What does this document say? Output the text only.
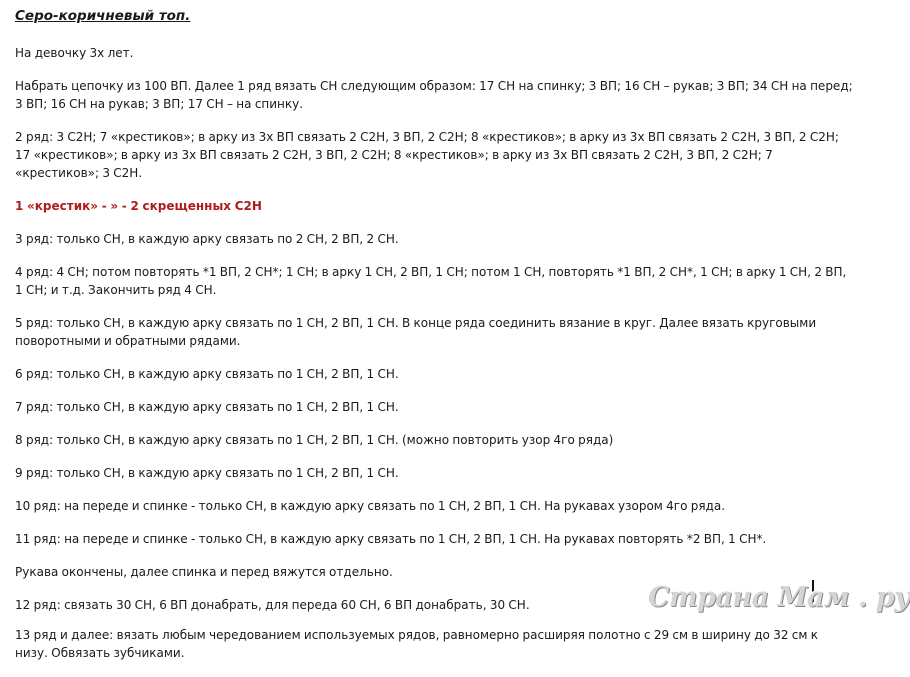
Серо-коричневый топ.
На девочку 3х лет.
Набрать цепочку из 100 ВП. Далее 1 ряд вязать СН следующим образом: 17 СН на спинку; 3 ВП; 16 СН – рукав; 3 ВП; 34 СН на перед; 3 ВП; 16 СН на рукав; 3 ВП; 17 СН – на спинку.
2 ряд: 3 С2Н; 7 «крестиков»; в арку из 3х ВП связать 2 С2Н, 3 ВП, 2 С2Н; 8 «крестиков»; в арку из 3х ВП связать 2 С2Н, 3 ВП, 2 С2Н; 17 «крестиков»; в арку из 3х ВП связать 2 С2Н, 3 ВП, 2 С2Н; 8 «крестиков»; в арку из 3х ВП связать 2 С2Н, 3 ВП, 2 С2Н; 7 «крестиков»; 3 С2Н.
1 «крестик» - » - 2 скрещенных С2Н
3 ряд: только СН, в каждую арку связать по 2 СН, 2 ВП, 2 СН.
4 ряд: 4 СН; потом повторять *1 ВП, 2 СН*; 1 СН; в арку 1 СН, 2 ВП, 1 СН; потом 1 СН, повторять *1 ВП, 2 СН*, 1 СН; в арку 1 СН, 2 ВП, 1 СН; и т.д. Закончить ряд 4 СН.
5 ряд: только СН, в каждую арку связать по 1 СН, 2 ВП, 1 СН. В конце ряда соединить вязание в круг. Далее вязать круговыми поворотными и обратными рядами.
6 ряд: только СН, в каждую арку связать по 1 СН, 2 ВП, 1 СН.
7 ряд: только СН, в каждую арку связать по 1 СН, 2 ВП, 1 СН.
8 ряд: только СН, в каждую арку связать по 1 СН, 2 ВП, 1 СН. (можно повторить узор 4го ряда)
9 ряд: только СН, в каждую арку связать по 1 СН, 2 ВП, 1 СН.
10 ряд: на переде и спинке - только СН, в каждую арку связать по 1 СН, 2 ВП, 1 СН. На рукавах узором 4го ряда.
11 ряд: на переде и спинке - только СН, в каждую арку связать по 1 СН, 2 ВП, 1 СН. На рукавах повторять *2 ВП, 1 СН*.
Рукава окончены, далее спинка и перед вяжутся отдельно.
12 ряд: связать 30 СН, 6 ВП донабрать, для переда 60 СН, 6 ВП донабрать, 30 СН.
13 ряд и далее: вязать любым чередованием используемых рядов, равномерно расширяя полотно с 29 см в ширину до 32 см к низу. Обвязать зубчиками.
Страна Мам . ру
